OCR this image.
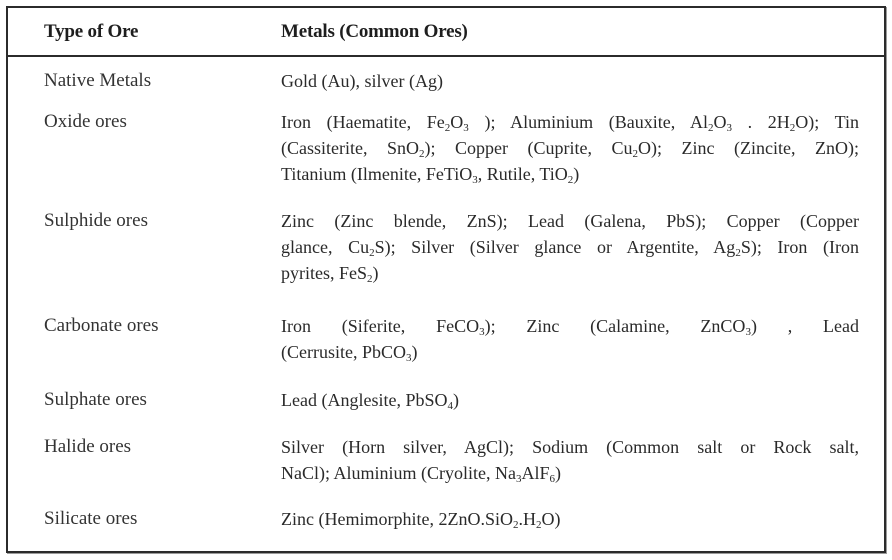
Type of Ore	Metals (Common Ores)
Native Metals	Gold (Au), silver (Ag)
Oxide ores	Iron (Haematite, $Fe_2O_3$ ); Aluminium (Bauxite, $Al_2O_3$ . $2H_2O$); Tin
(Cassiterite, SnO$_2$); Copper (Cuprite, $Cu_2O$); Zinc (Zincite, ZnO);
Titanium (Ilmenite, FeTiO$_3$, Rutile, TiO$_2$)
Sulphide ores	Zinc (Zinc blende, ZnS); Lead (Galena, PbS); Copper (Copper
glance, $Cu_2S$); Silver (Silver glance or Argentite, $Ag_2S$); Iron (Iron
pyrites, FeS$_2$)
Carbonate ores	Iron (Siferite, FeCO$_3$); Zinc (Calamine, ZnCO$_3$) , Lead
(Cerrusite, PbCO$_3$)
Sulphate ores	Lead (Anglesite, PbSO$_4$)
Halide ores	Silver (Horn silver, AgCl); Sodium (Common salt or Rock salt,
NaCl); Aluminium (Cryolite, $Na_3AlF_6$)
Silicate ores	Zinc (Hemimorphite, $2ZnO.SiO_2.H_2O$)
